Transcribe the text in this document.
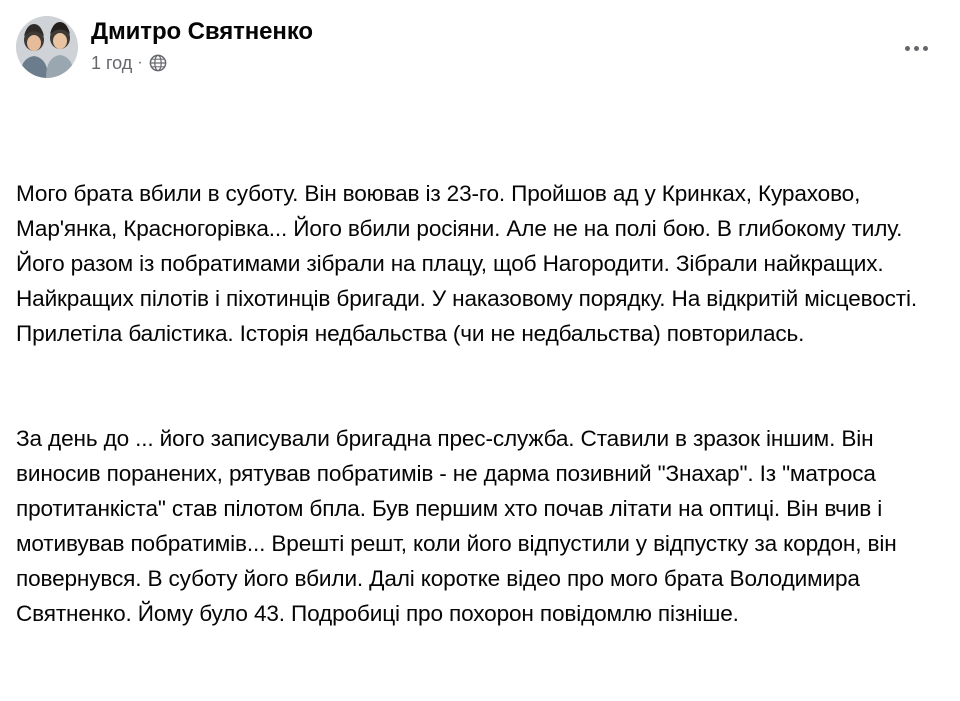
Дмитро Святненко
1 год ·

Мого брата вбили в суботу. Він воював із 23-го. Пройшов ад у Кринках, Курахово, Мар'янка, Красногорівка... Його вбили росіяни. Але не на полі бою. В глибокому тилу. Його разом із побратимами зібрали на плацу, щоб Нагородити. Зібрали найкращих. Найкращих пілотів і піхотинців бригади. У наказовому порядку. На відкритій місцевості. Прилетіла балістика. Історія недбальства (чи не недбальства) повторилась.

За день до ... його записували бригадна прес-служба. Ставили в зразок іншим. Він виносив поранених, рятував побратимів - не дарма позивний "Знахар". Із "матроса протитанкіста" став пілотом бпла. Був першим хто почав літати на оптиці. Він вчив і мотивував побратимів... Врешті решт, коли його відпустили у відпустку за кордон, він повернувся. В суботу його вбили. Далі коротке відео про мого брата Володимира Святненко. Йому було 43. Подробиці про похорон повідомлю пізніше.
